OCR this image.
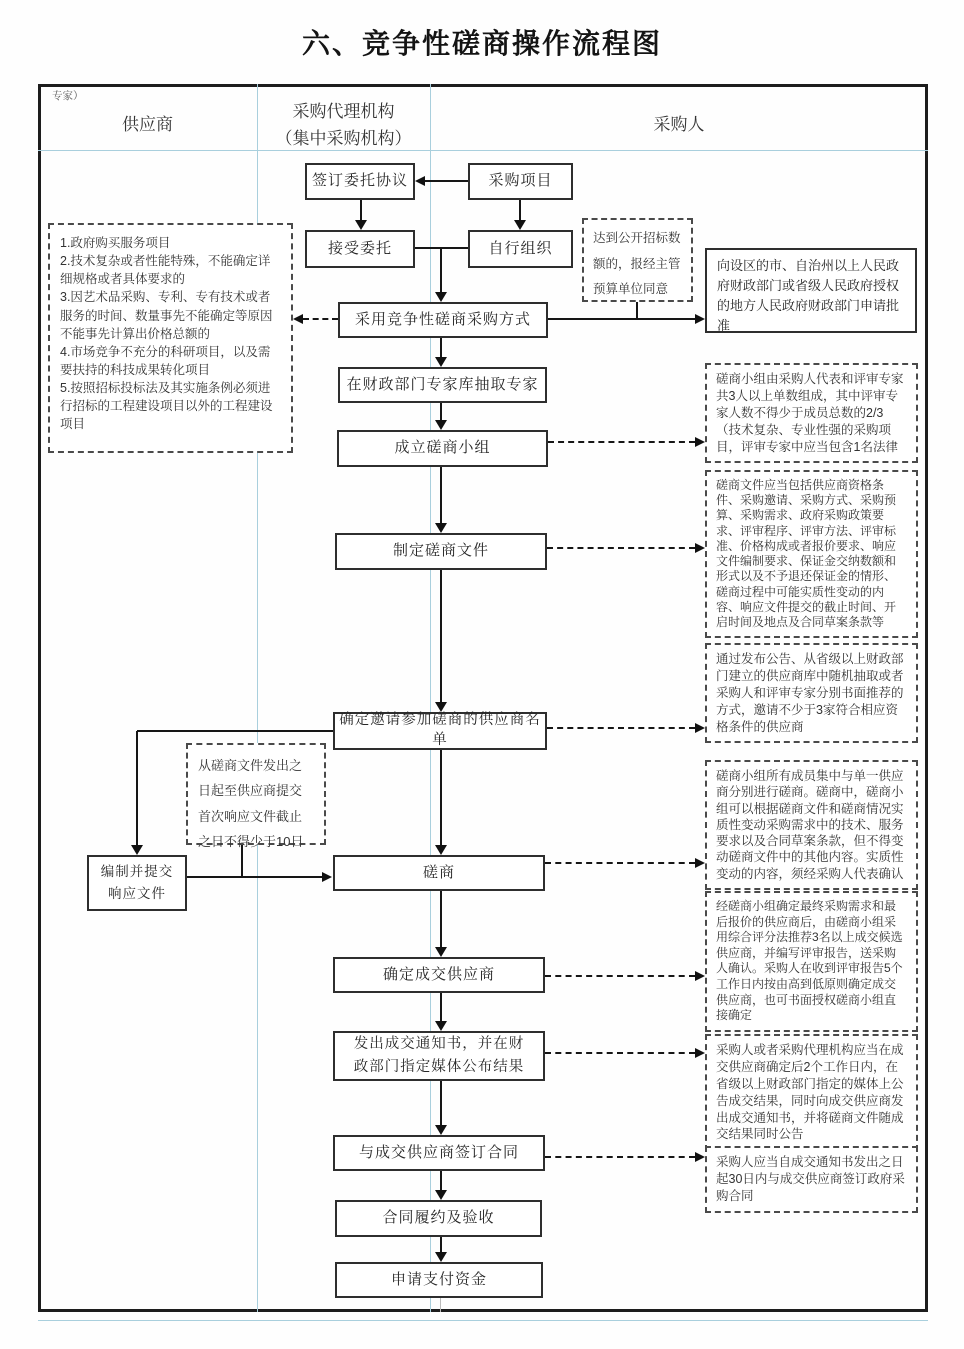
六、竞争性磋商操作流程图
专家）
供应商
采购代理机构
（集中采购机构）
采购人
签订委托协议	采购项目
接受委托	自行组织
达到公开招标数额的，报经主管预算单位同意
采用竞争性磋商采购方式
向设区的市、自治州以上人民政府财政部门或省级人民政府授权的地方人民政府财政部门申请批准
在财政部门专家库抽取专家
成立磋商小组
制定磋商文件
确定邀请参加磋商的供应商名单
磋商
确定成交供应商
发出成交通知书，并在财政部门指定媒体公布结果
与成交供应商签订合同
合同履约及验收
申请支付资金
编制并提交
响应文件
从磋商文件发出之日起至供应商提交首次响应文件截止之日不得少于10日
1.政府购买服务项目
2.技术复杂或者性能特殊，不能确定详细规格或者具体要求的
3.因艺术品采购、专利、专有技术或者服务的时间、数量事先不能确定等原因不能事先计算出价格总额的
4.市场竞争不充分的科研项目，以及需要扶持的科技成果转化项目
5.按照招标投标法及其实施条例必须进行招标的工程建设项目以外的工程建设项目
磋商小组由采购人代表和评审专家共3人以上单数组成，其中评审专家人数不得少于成员总数的2/3（技术复杂、专业性强的采购项目，评审专家中应当包含1名法律
磋商文件应当包括供应商资格条件、采购邀请、采购方式、采购预算、采购需求、政府采购政策要求、评审程序、评审方法、评审标准、价格构成或者报价要求、响应文件编制要求、保证金交纳数额和形式以及不予退还保证金的情形、磋商过程中可能实质性变动的内容、响应文件提交的截止时间、开启时间及地点及合同草案条款等
通过发布公告、从省级以上财政部门建立的供应商库中随机抽取或者采购人和评审专家分别书面推荐的方式，邀请不少于3家符合相应资格条件的供应商
磋商小组所有成员集中与单一供应商分别进行磋商。磋商中，磋商小组可以根据磋商文件和磋商情况实质性变动采购需求中的技术、服务要求以及合同草案条款，但不得变动磋商文件中的其他内容。实质性变动的内容，须经采购人代表确认
经磋商小组确定最终采购需求和最后报价的供应商后，由磋商小组采用综合评分法推荐3名以上成交候选供应商，并编写评审报告，送采购人确认。采购人在收到评审报告5个工作日内按由高到低原则确定成交供应商，也可书面授权磋商小组直接确定
采购人或者采购代理机构应当在成交供应商确定后2个工作日内，在省级以上财政部门指定的媒体上公告成交结果，同时向成交供应商发出成交通知书，并将磋商文件随成交结果同时公告
采购人应当自成交通知书发出之日起30日内与成交供应商签订政府采购合同
